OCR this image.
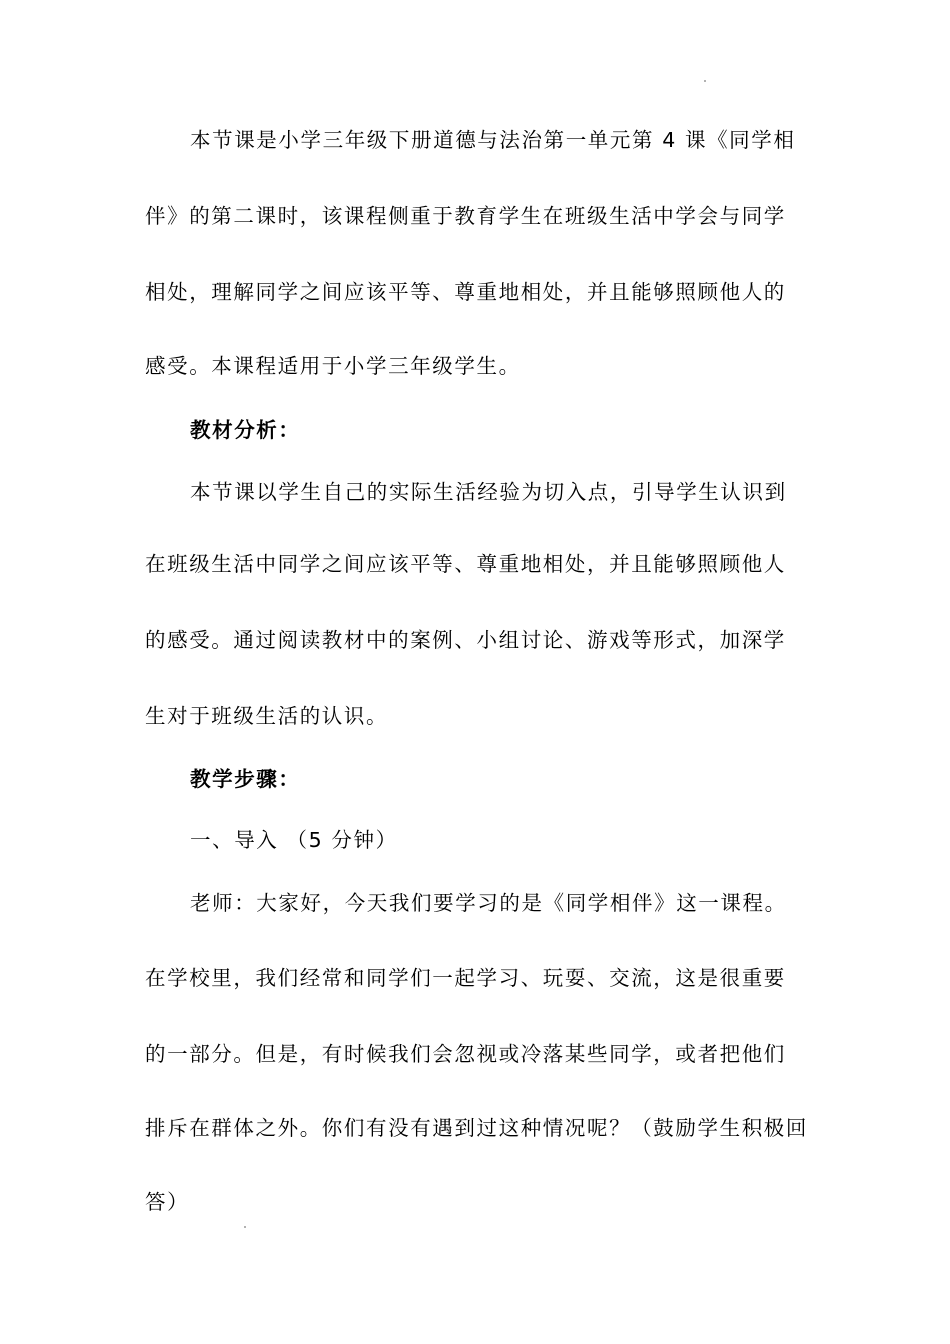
本节课是小学三年级下册道德与法治第一单元第 4 课《同学相
伴》的第二课时，该课程侧重于教育学生在班级生活中学会与同学
相处，理解同学之间应该平等、尊重地相处，并且能够照顾他人的
感受。本课程适用于小学三年级学生。
教材分析：
本节课以学生自己的实际生活经验为切入点，引导学生认识到
在班级生活中同学之间应该平等、尊重地相处，并且能够照顾他人
的感受。通过阅读教材中的案例、小组讨论、游戏等形式，加深学
生对于班级生活的认识。
教学步骤：
一、导入 （5 分钟）
老师：大家好，今天我们要学习的是《同学相伴》这一课程。
在学校里，我们经常和同学们一起学习、玩耍、交流，这是很重要
的一部分。但是，有时候我们会忽视或冷落某些同学，或者把他们
排斥在群体之外。你们有没有遇到过这种情况呢？（鼓励学生积极回
答）
